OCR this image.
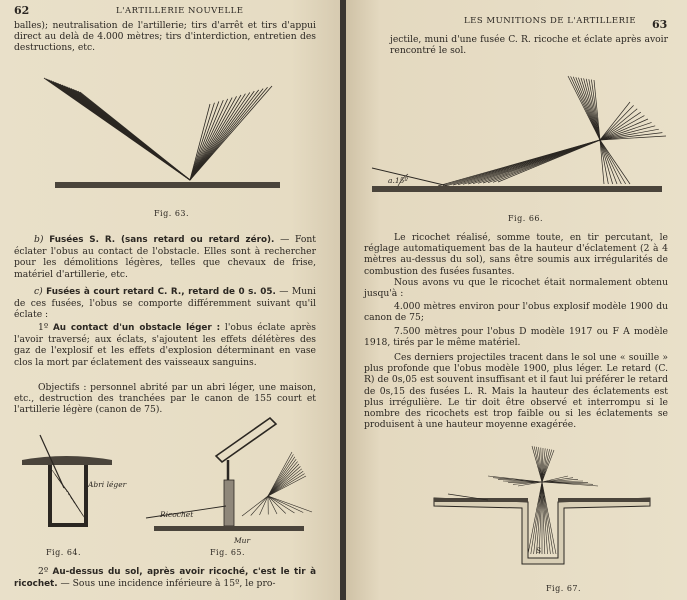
62	L'ARTILLERIE NOUVELLE

balles); neutralisation de l'artillerie; tirs d'arrêt et tirs d'appui direct au delà de 4.000 mètres; tirs d'interdiction, entretien des destructions, etc.

Fig. 63.

b) Fusées S. R. (sans retard ou retard zéro). — Font éclater l'obus au contact de l'obstacle. Elles sont à rechercher pour les démolitions légères, telles que chevaux de frise, matériel d'artillerie, etc.

c) Fusées à court retard C. R., retard de 0 s. 05. — Muni de ces fusées, l'obus se comporte différemment suivant qu'il éclate :

1º Au contact d'un obstacle léger : l'obus éclate après l'avoir traversé; aux éclats, s'ajoutent les effets délétères des gaz de l'explosif et les effets d'explosion déterminant en vase clos la mort par éclatement des vaisseaux sanguins.

Objectifs : personnel abrité par un abri léger, une maison, etc., destruction des tranchées par le canon de 155 court et l'artillerie légère (canon de 75).

Abri léger
Fig. 64.
Ricochet
Mur
Fig. 65.

2º Au-dessus du sol, après avoir ricoché, c'est le tir à ricochet. — Sous une incidence inférieure à 15º, le pro-

LES MUNITIONS DE L'ARTILLERIE 63

jectile, muni d'une fusée C. R. ricoche et éclate après avoir rencontré le sol.

a.15º
Fig. 66.

Le ricochet réalisé, somme toute, en tir percutant, le réglage automatiquement bas de la hauteur d'éclatement (2 à 4 mètres au-dessus du sol), sans être soumis aux irrégularités de combustion des fusées fusantes.

Nous avons vu que le ricochet était normalement obtenu jusqu'à :

4.000 mètres environ pour l'obus explosif modèle 1900 du canon de 75;

7.500 mètres pour l'obus D modèle 1917 ou F A modèle 1918, tirés par le même matériel.

Ces derniers projectiles tracent dans le sol une « souille » plus profonde que l'obus modèle 1900, plus léger. Le retard (C. R) de 0s,05 est souvent insuffisant et il faut lui préférer le retard de 0s,15 des fusées L. R. Mais la hauteur des éclatements est plus irrégulière. Le tir doit être observé et interrompu si le nombre des ricochets est trop faible ou si les éclatements se produisent à une hauteur moyenne exagérée.

S
Fig. 67.
